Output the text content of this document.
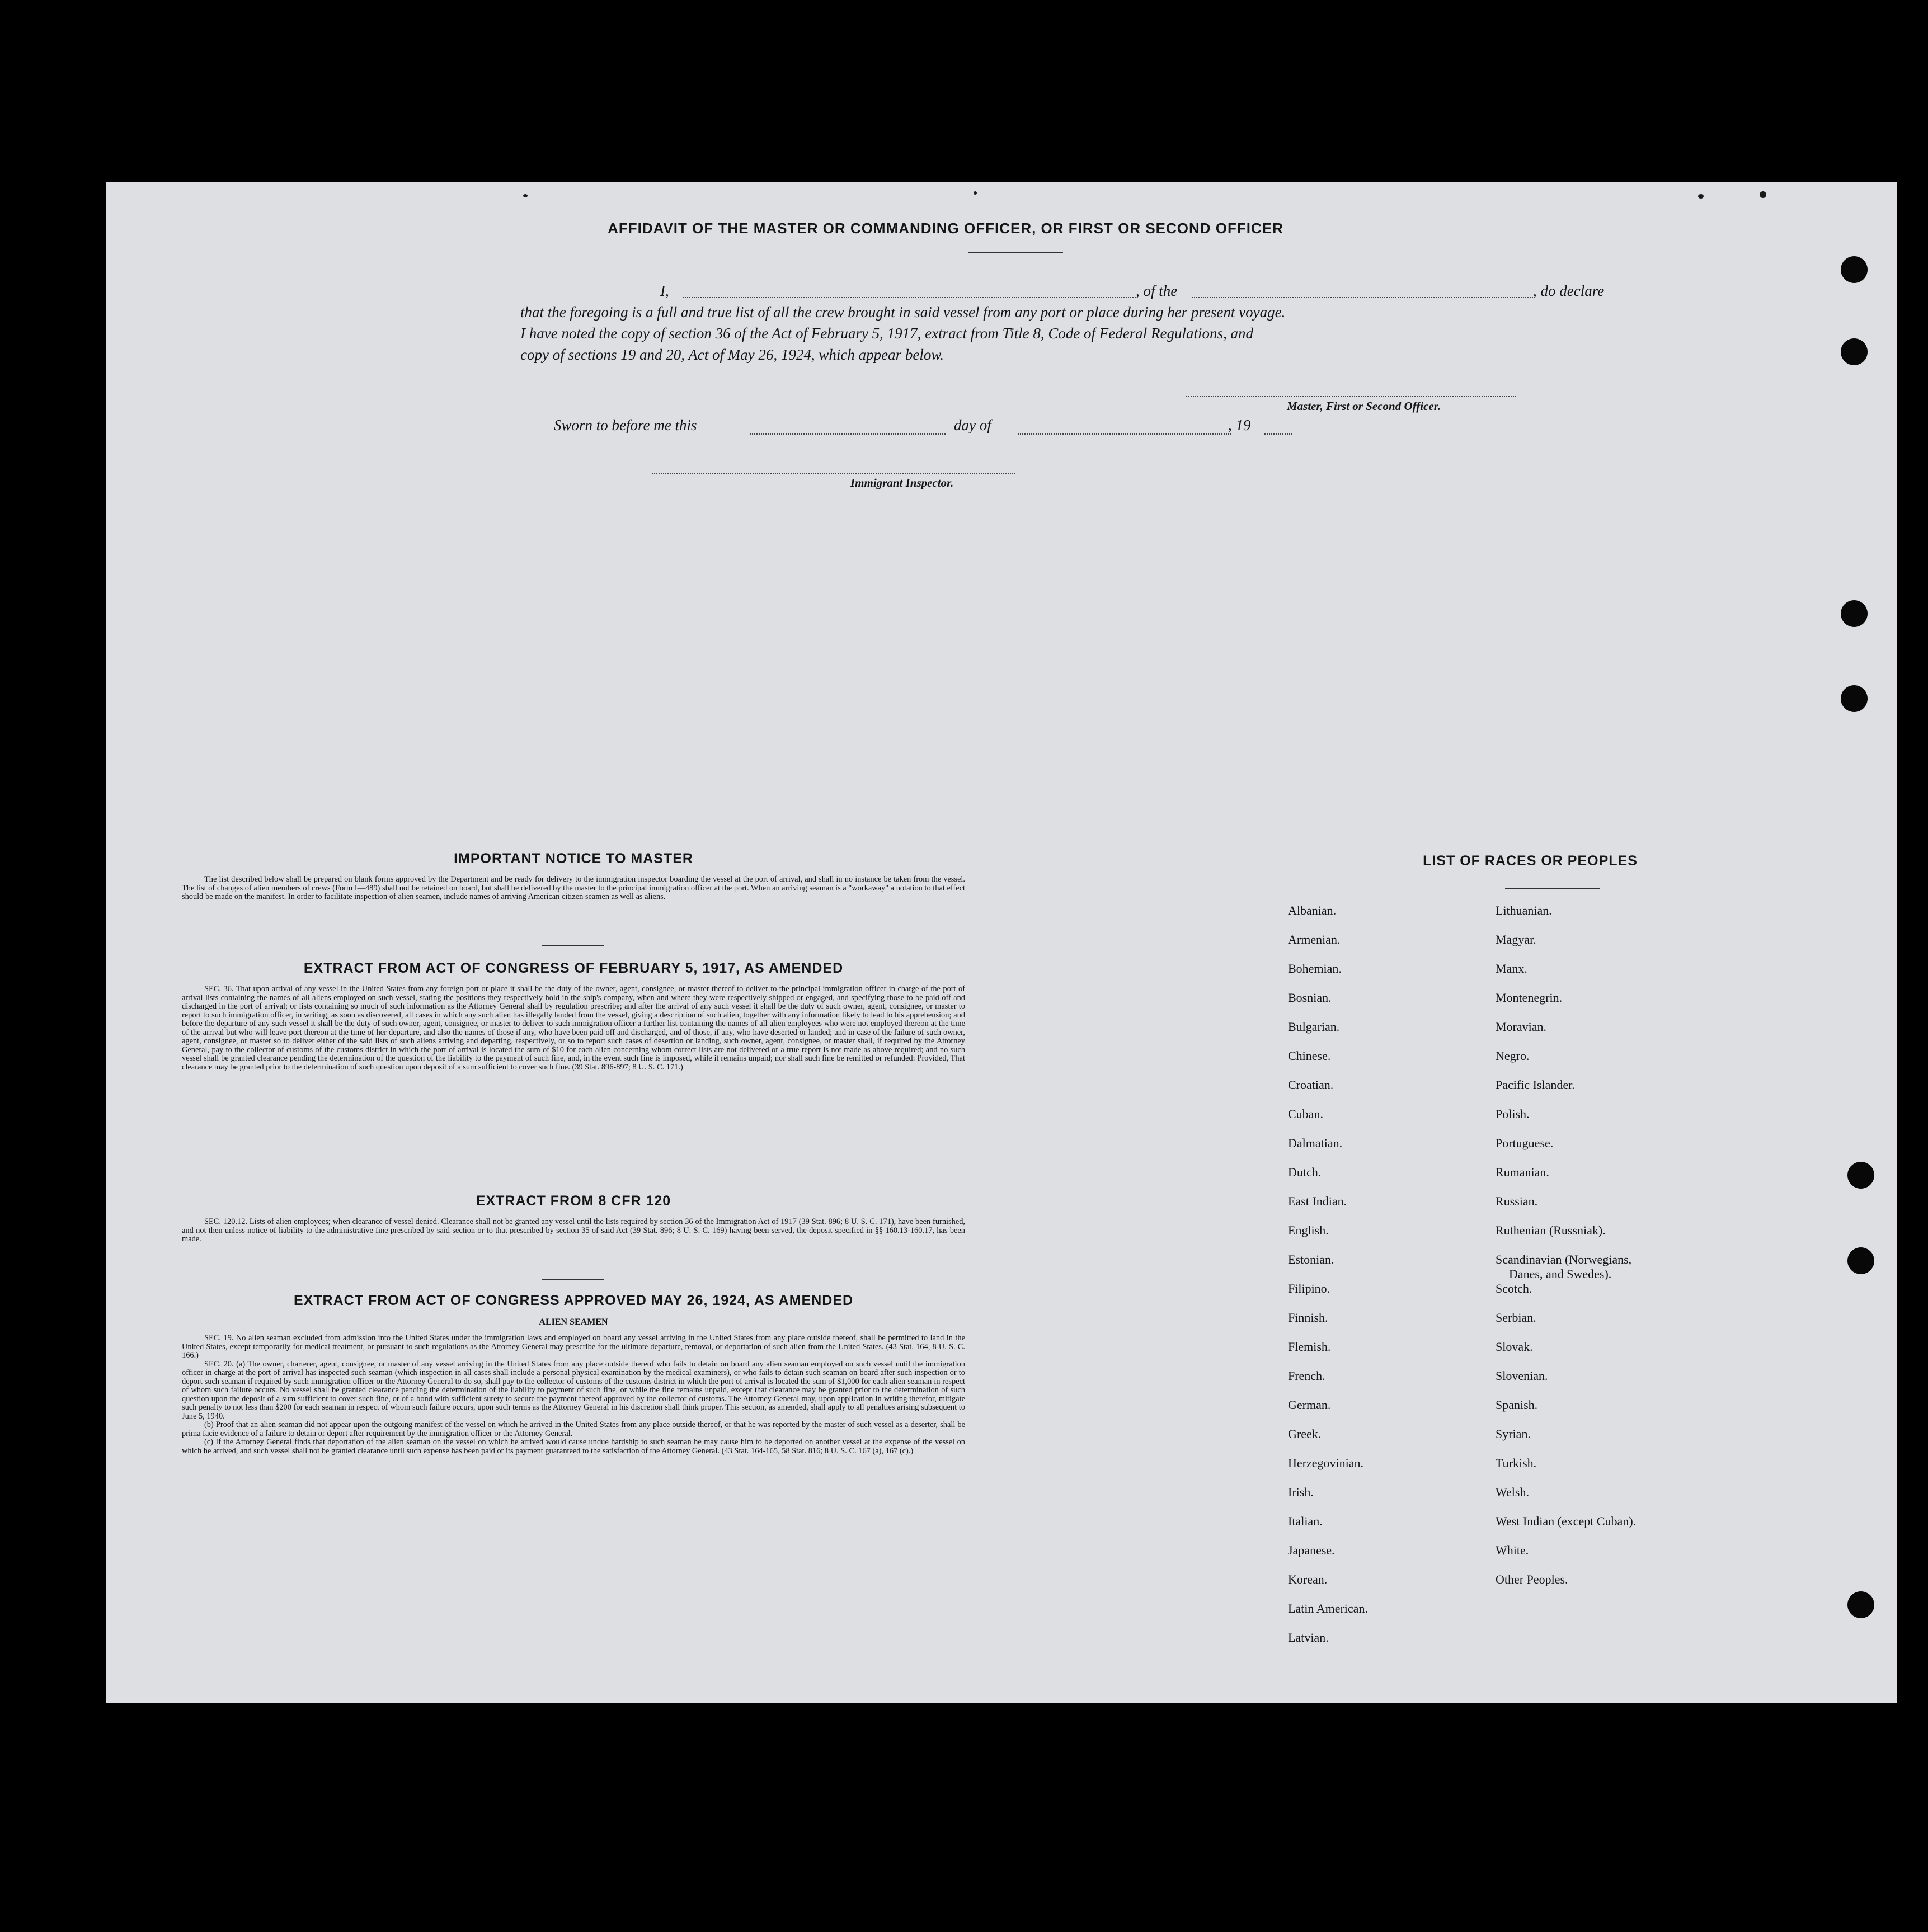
AFFIDAVIT OF THE MASTER OR COMMANDING OFFICER, OR FIRST OR SECOND OFFICER
I,	, of the	, do declare
that the foregoing is a full and true list of all the crew brought in said vessel from any port or place during her present voyage.
I have noted the copy of section 36 of the Act of February 5, 1917, extract from Title 8, Code of Federal Regulations, and
copy of sections 19 and 20, Act of May 26, 1924, which appear below.
Master, First or Second Officer.
Sworn to before me this	day of	, 19
Immigrant Inspector.
IMPORTANT NOTICE TO MASTER

The list described below shall be prepared on blank forms approved by the Department and be ready for delivery to the immigration inspector boarding the vessel at the port of arrival, and shall in no instance be taken from the vessel. The list of changes of alien members of crews (Form I—489) shall not be retained on board, but shall be delivered by the master to the principal immigration officer at the port. When an arriving seaman is a "workaway" a notation to that effect should be made on the manifest. In order to facilitate inspection of alien seamen, include names of arriving American citizen seamen as well as aliens.

EXTRACT FROM ACT OF CONGRESS OF FEBRUARY 5, 1917, AS AMENDED

SEC. 36. That upon arrival of any vessel in the United States from any foreign port or place it shall be the duty of the owner, agent, consignee, or master thereof to deliver to the principal immigration officer in charge of the port of arrival lists containing the names of all aliens employed on such vessel, stating the positions they respectively hold in the ship's company, when and where they were respectively shipped or engaged, and specifying those to be paid off and discharged in the port of arrival; or lists containing so much of such information as the Attorney General shall by regulation prescribe; and after the arrival of any such vessel it shall be the duty of such owner, agent, consignee, or master to report to such immigration officer, in writing, as soon as discovered, all cases in which any such alien has illegally landed from the vessel, giving a description of such alien, together with any information likely to lead to his apprehension; and before the departure of any such vessel it shall be the duty of such owner, agent, consignee, or master to deliver to such immigration officer a further list containing the names of all alien employees who were not employed thereon at the time of the arrival but who will leave port thereon at the time of her departure, and also the names of those if any, who have been paid off and discharged, and of those, if any, who have deserted or landed; and in case of the failure of such owner, agent, consignee, or master so to deliver either of the said lists of such aliens arriving and departing, respectively, or so to report such cases of desertion or landing, such owner, agent, consignee, or master shall, if required by the Attorney General, pay to the collector of customs of the customs district in which the port of arrival is located the sum of $10 for each alien concerning whom correct lists are not delivered or a true report is not made as above required; and no such vessel shall be granted clearance pending the determination of the question of the liability to the payment of such fine, and, in the event such fine is imposed, while it remains unpaid; nor shall such fine be remitted or refunded: Provided, That clearance may be granted prior to the determination of such question upon deposit of a sum sufficient to cover such fine. (39 Stat. 896-897; 8 U. S. C. 171.)

EXTRACT FROM 8 CFR 120

SEC. 120.12. Lists of alien employees; when clearance of vessel denied. Clearance shall not be granted any vessel until the lists required by section 36 of the Immigration Act of 1917 (39 Stat. 896; 8 U. S. C. 171), have been furnished, and not then unless notice of liability to the administrative fine prescribed by said section or to that prescribed by section 35 of said Act (39 Stat. 896; 8 U. S. C. 169) having been served, the deposit specified in §§ 160.13-160.17, has been made.

EXTRACT FROM ACT OF CONGRESS APPROVED MAY 26, 1924, AS AMENDED
ALIEN SEAMEN

SEC. 19. No alien seaman excluded from admission into the United States under the immigration laws and employed on board any vessel arriving in the United States from any place outside thereof, shall be permitted to land in the United States, except temporarily for medical treatment, or pursuant to such regulations as the Attorney General may prescribe for the ultimate departure, removal, or deportation of such alien from the United States. (43 Stat. 164, 8 U. S. C. 166.)

SEC. 20. (a) The owner, charterer, agent, consignee, or master of any vessel arriving in the United States from any place outside thereof who fails to detain on board any alien seaman employed on such vessel until the immigration officer in charge at the port of arrival has inspected such seaman (which inspection in all cases shall include a personal physical examination by the medical examiners), or who fails to detain such seaman on board after such inspection or to deport such seaman if required by such immigration officer or the Attorney General to do so, shall pay to the collector of customs of the customs district in which the port of arrival is located the sum of $1,000 for each alien seaman in respect of whom such failure occurs. No vessel shall be granted clearance pending the determination of the liability to payment of such fine, or while the fine remains unpaid, except that clearance may be granted prior to the determination of such question upon the deposit of a sum sufficient to cover such fine, or of a bond with sufficient surety to secure the payment thereof approved by the collector of customs. The Attorney General may, upon application in writing therefor, mitigate such penalty to not less than $200 for each seaman in respect of whom such failure occurs, upon such terms as the Attorney General in his discretion shall think proper. This section, as amended, shall apply to all penalties arising subsequent to June 5, 1940.

(b) Proof that an alien seaman did not appear upon the outgoing manifest of the vessel on which he arrived in the United States from any place outside thereof, or that he was reported by the master of such vessel as a deserter, shall be prima facie evidence of a failure to detain or deport after requirement by the immigration officer or the Attorney General.

(c) If the Attorney General finds that deportation of the alien seaman on the vessel on which he arrived would cause undue hardship to such seaman he may cause him to be deported on another vessel at the expense of the vessel on which he arrived, and such vessel shall not be granted clearance until such expense has been paid or its payment guaranteed to the satisfaction of the Attorney General. (43 Stat. 164-165, 58 Stat. 816; 8 U. S. C. 167 (a), 167 (c).)

LIST OF RACES OR PEOPLES
Albanian.
Armenian.
Bohemian.
Bosnian.
Bulgarian.
Chinese.
Croatian.
Cuban.
Dalmatian.
Dutch.
East Indian.
English.
Estonian.
Filipino.
Finnish.
Flemish.
French.
German.
Greek.
Herzegovinian.
Irish.
Italian.
Japanese.
Korean.
Latin American.
Latvian.
Lithuanian.
Magyar.
Manx.
Montenegrin.
Moravian.
Negro.
Pacific Islander.
Polish.
Portuguese.
Rumanian.
Russian.
Ruthenian (Russniak).
Scandinavian (Norwegians,
Danes, and Swedes).
Scotch.
Serbian.
Slovak.
Slovenian.
Spanish.
Syrian.
Turkish.
Welsh.
West Indian (except Cuban).
White.
Other Peoples.
